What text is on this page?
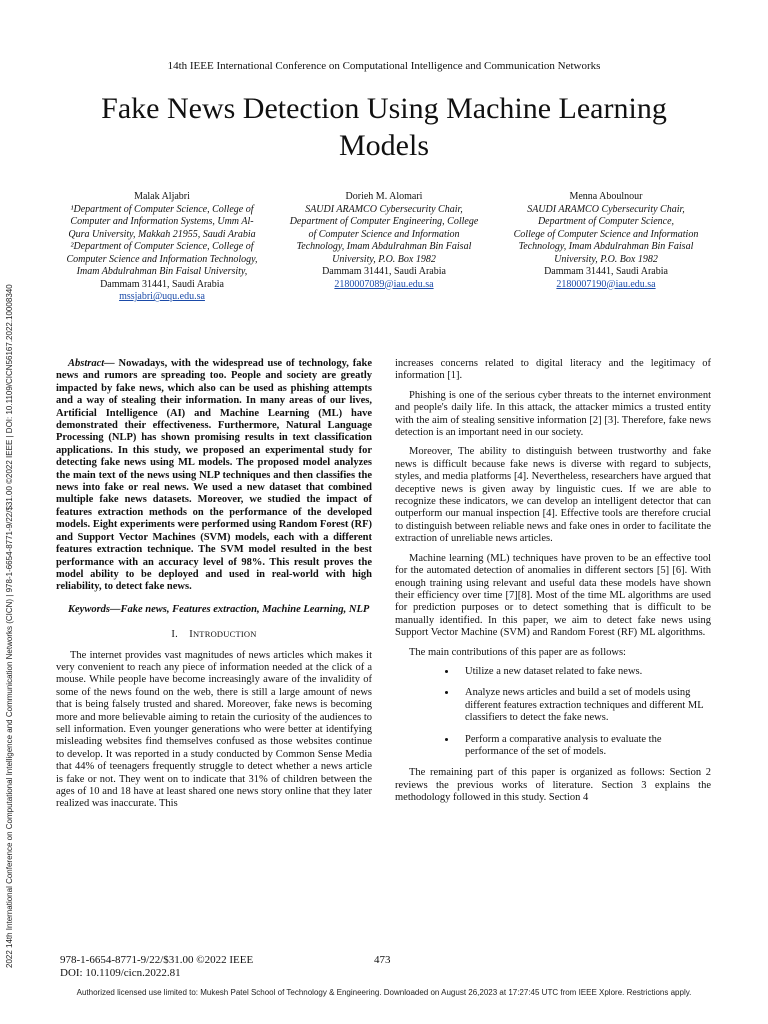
2022 14th International Conference on Computational Intelligence and Communication Networks (CICN) | 978-1-6654-8771-9/22/$31.00 ©2022 IEEE | DOI: 10.1109/CICN56167.2022.10008340
14th IEEE International Conference on Computational Intelligence and Communication Networks
Fake News Detection Using Machine Learning
Models
Malak Aljabri
¹Department of Computer Science, College of
Computer and Information Systems, Umm Al-
Qura University, Makkah 21955, Saudi Arabia
²Department of Computer Science, College of
Computer Science and Information Technology,
Imam Abdulrahman Bin Faisal University,
Dammam 31441, Saudi Arabia
mssjabri@uqu.edu.sa
Dorieh M. Alomari
SAUDI ARAMCO Cybersecurity Chair,
Department of Computer Engineering, College
of Computer Science and Information
Technology, Imam Abdulrahman Bin Faisal
University, P.O. Box 1982
Dammam 31441, Saudi Arabia
2180007089@iau.edu.sa
Menna Aboulnour
SAUDI ARAMCO Cybersecurity Chair,
Department of Computer Science,
College of Computer Science and Information
Technology, Imam Abdulrahman Bin Faisal
University, P.O. Box 1982
Dammam 31441, Saudi Arabia
2180007190@iau.edu.sa

Abstract— Nowadays, with the widespread use of technology, fake news and rumors are spreading too. People and society are greatly impacted by fake news, which also can be used as phishing attempts and a way of stealing their information. In many areas of our lives, Artificial Intelligence (AI) and Machine Learning (ML) have demonstrated their effectiveness. Furthermore, Natural Language Processing (NLP) has shown promising results in text classification applications. In this study, we proposed an experimental study for detecting fake news using ML models. The proposed model analyzes the main text of the news using NLP techniques and then classifies the news into fake or real news. We used a new dataset that combined multiple fake news datasets. Moreover, we studied the impact of features extraction methods on the performance of the developed models. Eight experiments were performed using Random Forest (RF) and Support Vector Machines (SVM) models, each with a different features extraction technique. The SVM model resulted in the best performance with an accuracy level of 98%. This result proves the model ability to be deployed and used in real-world with high reliability, to detect fake news.

Keywords—Fake news, Features extraction, Machine Learning, NLP

I. INTRODUCTION

The internet provides vast magnitudes of news articles which makes it very convenient to reach any piece of information needed at the click of a mouse. While people have become increasingly aware of the invalidity of some of the news found on the web, there is still a large amount of news that is being falsely trusted and shared. Moreover, fake news is becoming more and more believable aiming to retain the curiosity of the audiences to sell information. Even younger generations who were better at identifying misleading websites find themselves confused as those websites continue to develop. It was reported in a study conducted by Common Sense Media that 44% of teenagers frequently struggle to detect whether a news article is fake or not. They went on to indicate that 31% of children between the ages of 10 and 18 have at least shared one news story online that they later realized was inaccurate. This

increases concerns related to digital literacy and the legitimacy of information [1].

Phishing is one of the serious cyber threats to the internet environment and people's daily life. In this attack, the attacker mimics a trusted entity with the aim of stealing sensitive information [2] [3]. Therefore, fake news detection is an important need in our society.

Moreover, The ability to distinguish between trustworthy and fake news is difficult because fake news is diverse with regard to subjects, styles, and media platforms [4]. Nevertheless, researchers have argued that deceptive news is given away by linguistic cues. If we are able to recognize these indicators, we can develop an intelligent detector that can outperform our manual inspection [4]. Effective tools are therefore crucial to distinguish between reliable news and fake ones in order to facilitate the extraction of unreliable news articles.

Machine learning (ML) techniques have proven to be an effective tool for the automated detection of anomalies in different sectors [5] [6]. With enough training using relevant and useful data these models have shown their efficiency over time [7][8]. Most of the time ML algorithms are used for prediction purposes or to detect something that is difficult to be manually identified. In this paper, we aim to detect fake news using Support Vector Machine (SVM) and Random Forest (RF) ML algorithms.

The main contributions of this paper are as follows:

• Utilize a new dataset related to fake news.
• Analyze news articles and build a set of models using different features extraction techniques and different ML classifiers to detect the fake news.
• Perform a comparative analysis to evaluate the performance of the set of models.

The remaining part of this paper is organized as follows: Section 2 reviews the previous works of literature. Section 3 explains the methodology followed in this study. Section 4

978-1-6654-8771-9/22/$31.00 ©2022 IEEE
DOI: 10.1109/cicn.2022.81
473
Authorized licensed use limited to: Mukesh Patel School of Technology & Engineering. Downloaded on August 26,2023 at 17:27:45 UTC from IEEE Xplore. Restrictions apply.
